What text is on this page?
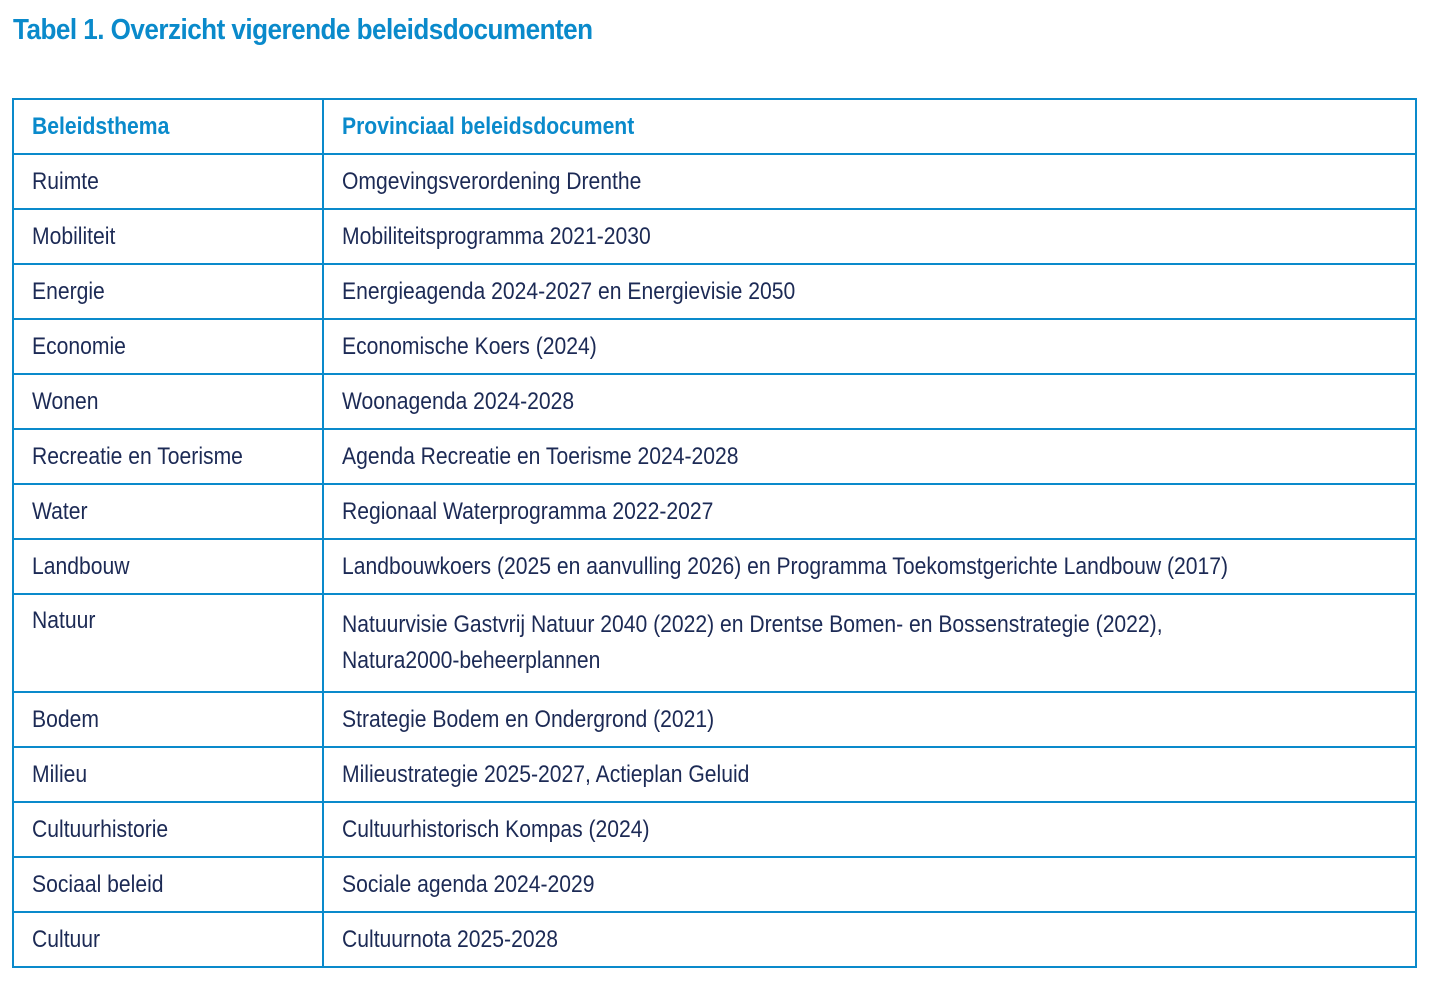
Tabel 1. Overzicht vigerende beleidsdocumenten
Beleidsthema	Provinciaal beleidsdocument
Ruimte	Omgevingsverordening Drenthe
Mobiliteit	Mobiliteitsprogramma 2021-2030
Energie	Energieagenda 2024-2027 en Energievisie 2050
Economie	Economische Koers (2024)
Wonen	Woonagenda 2024-2028
Recreatie en Toerisme	Agenda Recreatie en Toerisme 2024-2028
Water	Regionaal Waterprogramma 2022-2027
Landbouw	Landbouwkoers (2025 en aanvulling 2026) en Programma Toekomstgerichte Landbouw (2017)

Natuur	Natuurvisie Gastvrij Natuur 2040 (2022) en Drentse Bomen- en Bossenstrategie (2022),
Natura2000-beheerplannen

Bodem	Strategie Bodem en Ondergrond (2021)
Milieu	Milieustrategie 2025-2027, Actieplan Geluid
Cultuurhistorie	Cultuurhistorisch Kompas (2024)
Sociaal beleid	Sociale agenda 2024-2029
Cultuur	Cultuurnota 2025-2028
